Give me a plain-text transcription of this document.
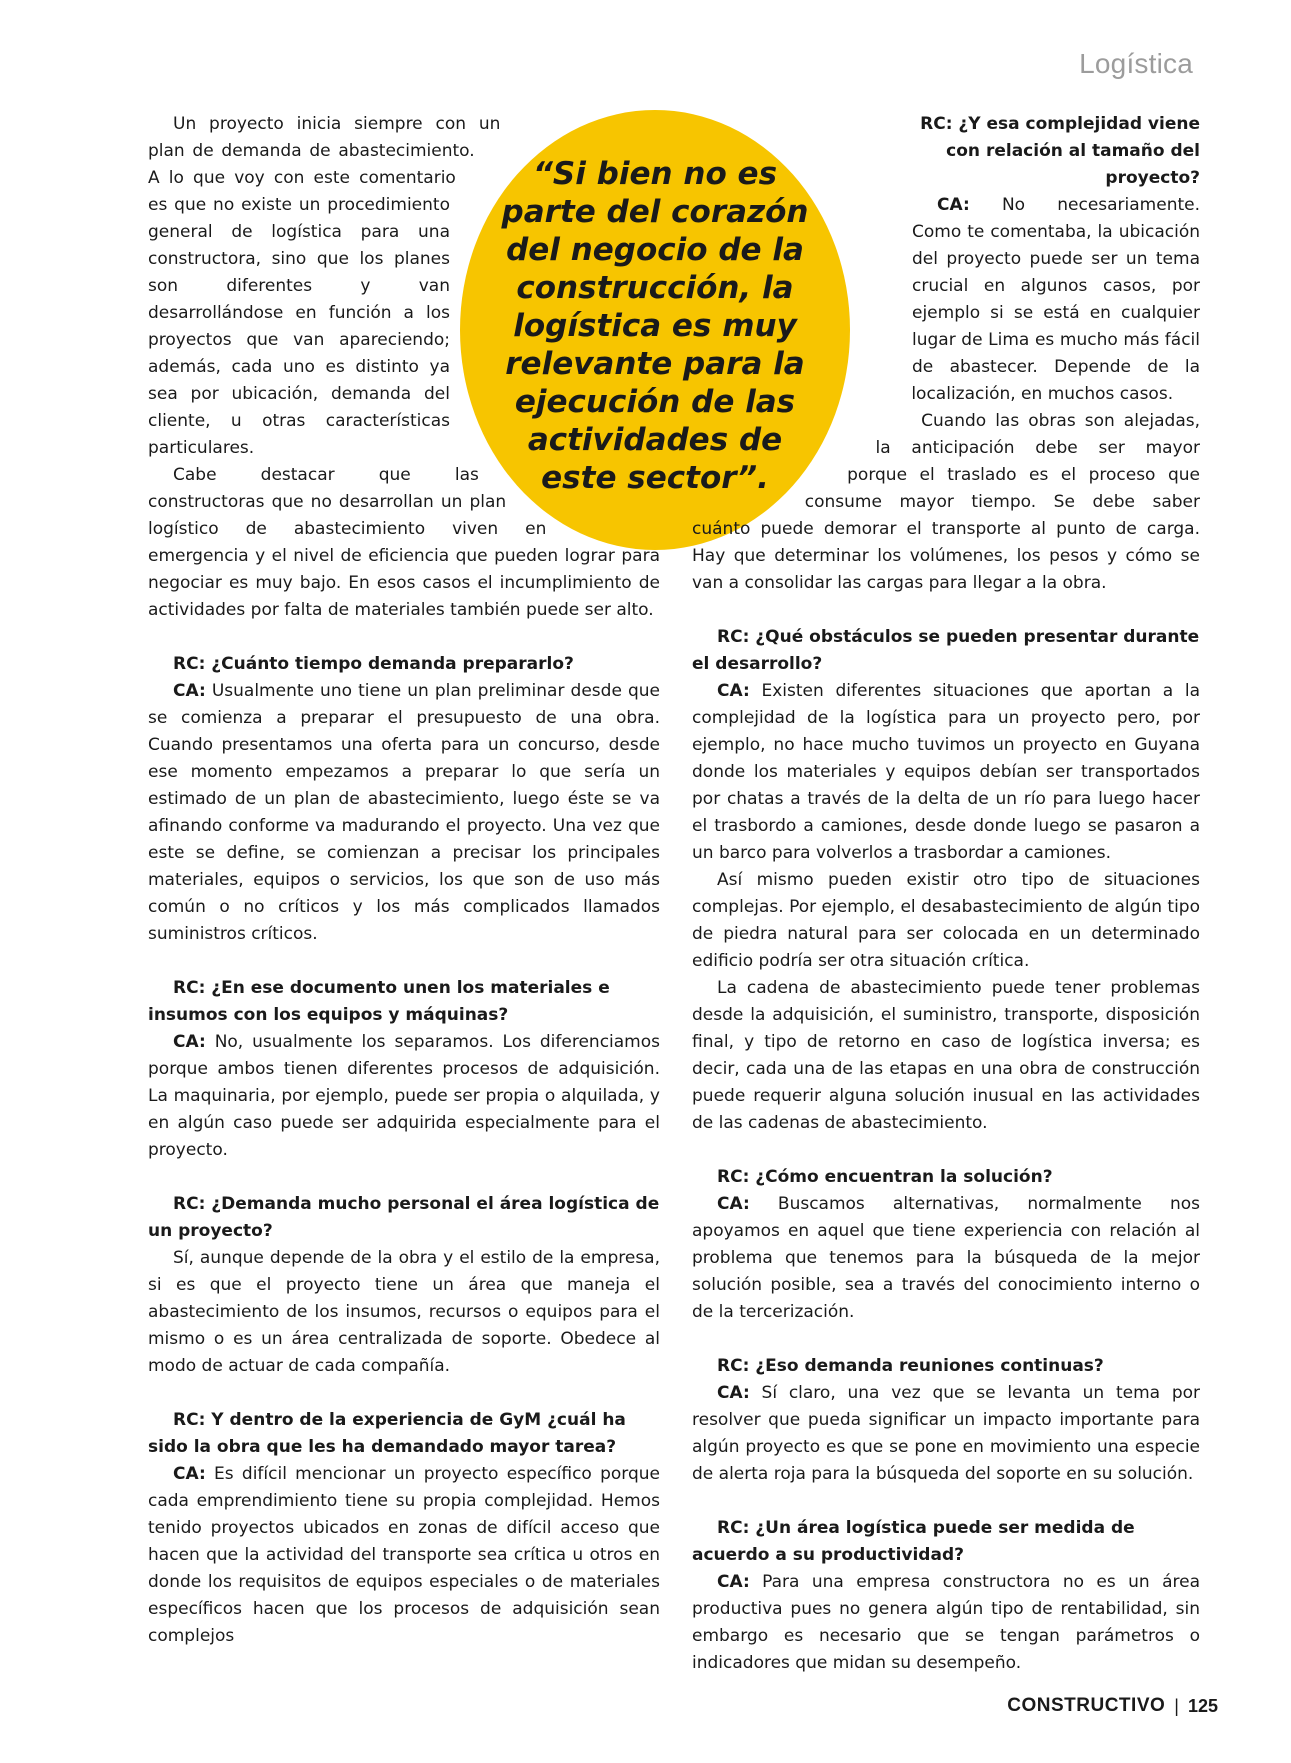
Logística

Un proyecto inicia siempre con un plan de demanda de abastecimiento. A lo que voy con este comentario es que no existe un procedimiento general de logística para una constructora, sino que los planes son diferentes y van desarrollándose en función a los proyectos que van apareciendo; además, cada uno es distinto ya sea por ubicación, demanda del cliente, u otras características particulares.

Cabe destacar que las constructoras que no desarrollan un plan logístico de abastecimiento viven en emergencia y el nivel de eficiencia que pueden lograr para negociar es muy bajo. En esos casos el incumplimiento de actividades por falta de materiales también puede ser alto.

RC: ¿Cuánto tiempo demanda prepararlo?

CA: Usualmente uno tiene un plan preliminar desde que se comienza a preparar el presupuesto de una obra. Cuando presentamos una oferta para un concurso, desde ese momento empezamos a preparar lo que sería un estimado de un plan de abastecimiento, luego éste se va afinando conforme va madurando el proyecto. Una vez que este se define, se comienzan a precisar los principales materiales, equipos o servicios, los que son de uso más común o no críticos y los más complicados llamados suministros críticos.

RC: ¿En ese documento unen los materiales e insumos con los equipos y máquinas?

CA: No, usualmente los separamos. Los diferenciamos porque ambos tienen diferentes procesos de adquisición. La maquinaria, por ejemplo, puede ser propia o alquilada, y en algún caso puede ser adquirida especialmente para el proyecto.

RC: ¿Demanda mucho personal el área logística de un proyecto?

Sí, aunque depende de la obra y el estilo de la empresa, si es que el proyecto tiene un área que maneja el abastecimiento de los insumos, recursos o equipos para el mismo o es un área centralizada de soporte. Obedece al modo de actuar de cada compañía.

RC: Y dentro de la experiencia de GyM ¿cuál ha sido la obra que les ha demandado mayor tarea?

CA: Es difícil mencionar un proyecto específico porque cada emprendimiento tiene su propia complejidad. Hemos tenido proyectos ubicados en zonas de difícil acceso que hacen que la actividad del transporte sea crítica u otros en donde los requisitos de equipos especiales o de materiales específicos hacen que los procesos de adquisición sean complejos

RC: ¿Y esa complejidad viene con relación al tamaño del proyecto?

CA: No necesariamente. Como te comentaba, la ubicación del proyecto puede ser un tema crucial en algunos casos, por ejemplo si se está en cualquier lugar de Lima es mucho más fácil de abastecer. Depende de la localización, en muchos casos.

Cuando las obras son alejadas, la anticipación debe ser mayor porque el traslado es el proceso que consume mayor tiempo. Se debe saber cuánto puede demorar el transporte al punto de carga. Hay que determinar los volúmenes, los pesos y cómo se van a consolidar las cargas para llegar a la obra.

RC: ¿Qué obstáculos se pueden presentar durante el desarrollo?

CA: Existen diferentes situaciones que aportan a la complejidad de la logística para un proyecto pero, por ejemplo, no hace mucho tuvimos un proyecto en Guyana donde los materiales y equipos debían ser transportados por chatas a través de la delta de un río para luego hacer el trasbordo a camiones, desde donde luego se pasaron a un barco para volverlos a trasbordar a camiones.

Así mismo pueden existir otro tipo de situaciones complejas. Por ejemplo, el desabastecimiento de algún tipo de piedra natural para ser colocada en un determinado edificio podría ser otra situación crítica.

La cadena de abastecimiento puede tener problemas desde la adquisición, el suministro, transporte, disposición final, y tipo de retorno en caso de logística inversa; es decir, cada una de las etapas en una obra de construcción puede requerir alguna solución inusual en las actividades de las cadenas de abastecimiento.

RC: ¿Cómo encuentran la solución?

CA: Buscamos alternativas, normalmente nos apoyamos en aquel que tiene experiencia con relación al problema que tenemos para la búsqueda de la mejor solución posible, sea a través del conocimiento interno o de la tercerización.

RC: ¿Eso demanda reuniones continuas?

CA: Sí claro, una vez que se levanta un tema por resolver que pueda significar un impacto importante para algún proyecto es que se pone en movimiento una especie de alerta roja para la búsqueda del soporte en su solución.

RC: ¿Un área logística puede ser medida de acuerdo a su productividad?

CA: Para una empresa constructora no es un área productiva pues no genera algún tipo de rentabilidad, sin embargo es necesario que se tengan parámetros o indicadores que midan su desempeño.

“Si bien no es parte del corazón del negocio de la construcción, la logística es muy relevante para la ejecución de las actividades de este sector”.
CONSTRUCTIVO | 125
